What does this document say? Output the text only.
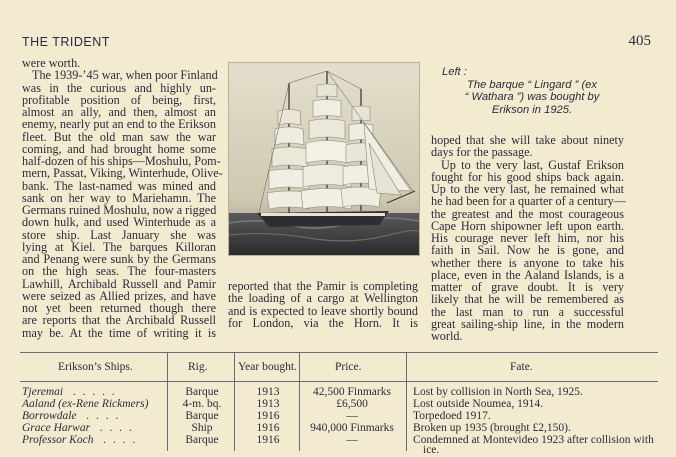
THE TRIDENT	405
were worth.
The 1939-’45 war, when poor Finland
was in the curious and highly un-
profitable position of being, first,
almost an ally, and then, almost an
enemy, nearly put an end to the Erikson
fleet. But the old man saw the war
coming, and had brought home some
half-dozen of his ships—Moshulu, Pom-
mern, Passat, Viking, Winterhude, Olive-
bank. The last-named was mined and
sank on her way to Mariehamn. The
Germans ruined Moshulu, now a rigged
down hulk, and used Winterhude as a
store ship. Last January she was
lying at Kiel. The barques Killoran
and Penang were sunk by the Germans
on the high seas. The four-masters
Lawhill, Archibald Russell and Pamir
were seized as Allied prizes, and have
not yet been returned though there
are reports that the Archibald Russell
may be. At the time of writing it is
Left :
The barque “ Lingard ” (ex
“ Wathara ”) was bought by
Erikson in 1925.
reported that the Pamir is completing
the loading of a cargo at Wellington
and is expected to leave shortly bound
for London, via the Horn. It is
hoped that she will take about ninety
days for the passage.
Up to the very last, Gustaf Erikson
fought for his good ships back again.
Up to the very last, he remained what
he had been for a quarter of a century—
the greatest and the most courageous
Cape Horn shipowner left upon earth.
His courage never left him, nor his
faith in Sail. Now he is gone, and
whether there is anyone to take his
place, even in the Aaland Islands, is a
matter of grave doubt. It is very
likely that he will be remembered as
the last man to run a successful
great sailing-ship line, in the modern
world.
Erikson’s Ships.	Rig.	Year bought.	Price.	Fate.
Tjeremai . . . . .	Barque	1913	42,500 Finmarks	Lost by collision in North Sea, 1925.
Aaland (ex-Rene Rickmers)	4-m. bq.	1913	£6,500	Lost outside Noumea, 1914.
Borrowdale . . . .	Barque	1916	—	Torpedoed 1917.
Grace Harwar . . . .	Ship	1916	940,000 Finmarks	Broken up 1935 (brought £2,150).
Professor Koch . . . .	Barque	1916	—	Condemned at Montevideo 1923 after collision with
ice.
